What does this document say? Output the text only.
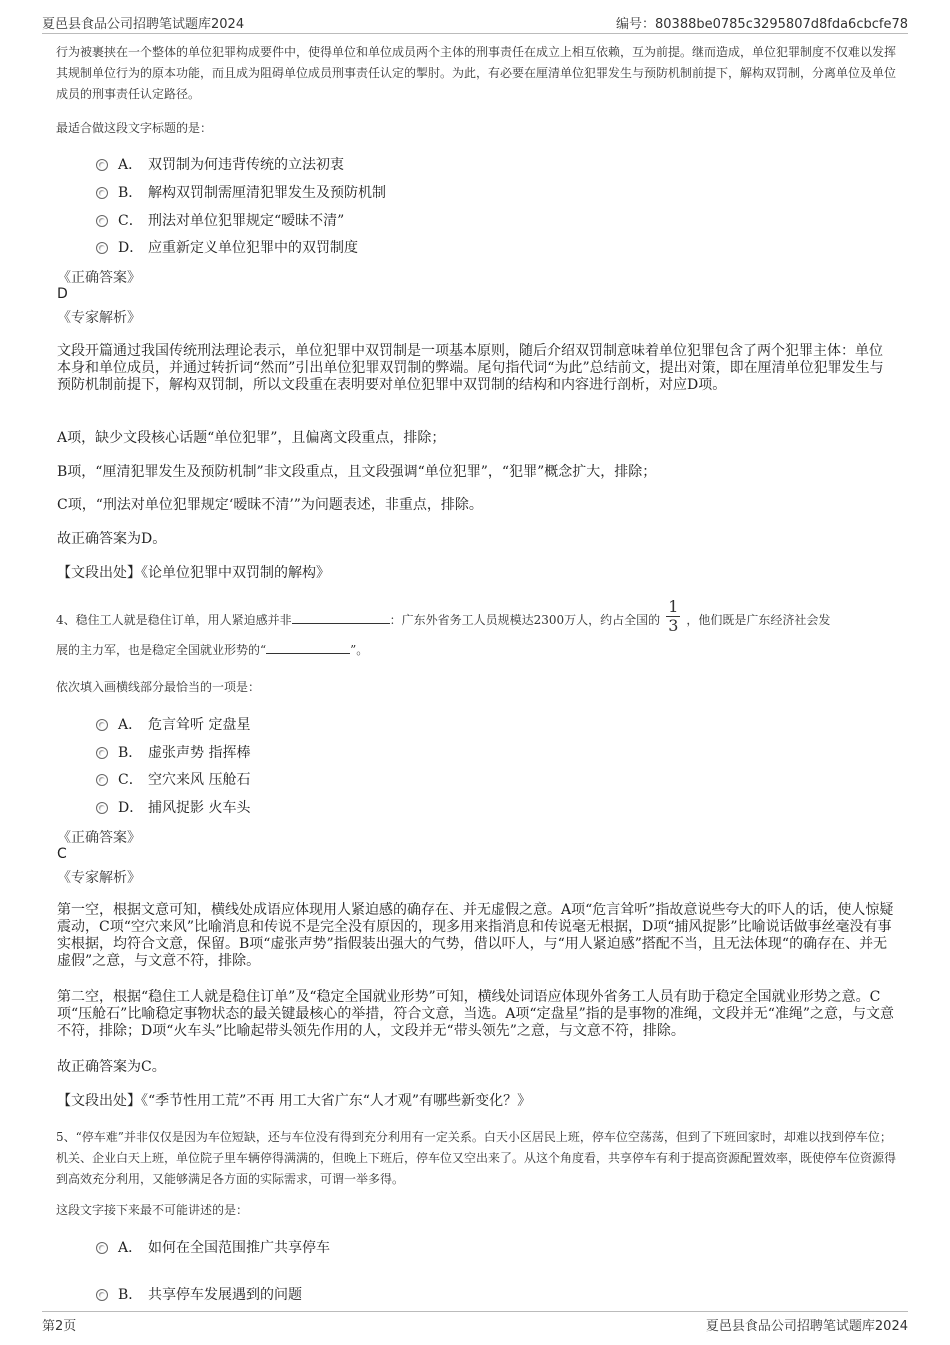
夏邑县食品公司招聘笔试题库2024	编号：80388be0785c3295807d8fda6cbcfe78

行为被裹挟在一个整体的单位犯罪构成要件中，使得单位和单位成员两个主体的刑事责任在成立上相互依赖，互为前提。继而造成，单位犯罪制度不仅难以发挥其规制单位行为的原本功能，而且成为阻碍单位成员刑事责任认定的掣肘。为此，有必要在厘清单位犯罪发生与预防机制前提下，解构双罚制，分离单位及单位成员的刑事责任认定路径。

最适合做这段文字标题的是：

A． 双罚制为何违背传统的立法初衷
B． 解构双罚制需厘清犯罪发生及预防机制
C． 刑法对单位犯罪规定“暧昧不清”
D． 应重新定义单位犯罪中的双罚制度

《正确答案》

D

《专家解析》

文段开篇通过我国传统刑法理论表示，单位犯罪中双罚制是一项基本原则，随后介绍双罚制意味着单位犯罪包含了两个犯罪主体：单位本身和单位成员，并通过转折词“然而”引出单位犯罪双罚制的弊端。尾句指代词“为此”总结前文，提出对策，即在厘清单位犯罪发生与预防机制前提下，解构双罚制，所以文段重在表明要对单位犯罪中双罚制的结构和内容进行剖析，对应D项。

A项，缺少文段核心话题“单位犯罪”，且偏离文段重点，排除；

B项，“厘清犯罪发生及预防机制”非文段重点，且文段强调“单位犯罪”，“犯罪”概念扩大，排除；

C项，“刑法对单位犯罪规定‘暧昧不清’”为问题表述，非重点，排除。

故正确答案为D。

【文段出处】《论单位犯罪中双罚制的解构》

4、稳住工人就是稳住订单，用人紧迫感并非	：广东外省务工人员规模达2300万人，约占全国的 $\frac{1}{3}$ ，他们既是广东经济社会发
展的主力军，也是稳定全国就业形势的“	”。

依次填入画横线部分最恰当的一项是：

A． 危言耸听 定盘星
B． 虚张声势 指挥棒
C． 空穴来风 压舱石
D． 捕风捉影 火车头

《正确答案》

C

《专家解析》

第一空，根据文意可知，横线处成语应体现用人紧迫感的确存在、并无虚假之意。A项“危言耸听”指故意说些夸大的吓人的话，使人惊疑震动，C项“空穴来风”比喻消息和传说不是完全没有原因的，现多用来指消息和传说毫无根据，D项“捕风捉影”比喻说话做事丝毫没有事实根据，均符合文意，保留。B项“虚张声势”指假装出强大的气势，借以吓人，与“用人紧迫感”搭配不当，且无法体现“的确存在、并无虚假”之意，与文意不符，排除。

第二空，根据“稳住工人就是稳住订单”及“稳定全国就业形势”可知，横线处词语应体现外省务工人员有助于稳定全国就业形势之意。C项“压舱石”比喻稳定事物状态的最关键最核心的举措，符合文意，当选。A项“定盘星”指的是事物的准绳，文段并无“准绳”之意，与文意不符，排除；D项“火车头”比喻起带头领先作用的人，文段并无“带头领先”之意，与文意不符，排除。

故正确答案为C。

【文段出处】《“季节性用工荒”不再 用工大省广东“人才观”有哪些新变化？》

5、“停车难”并非仅仅是因为车位短缺，还与车位没有得到充分利用有一定关系。白天小区居民上班，停车位空荡荡，但到了下班回家时，却难以找到停车位；机关、企业白天上班，单位院子里车辆停得满满的，但晚上下班后，停车位又空出来了。从这个角度看，共享停车有利于提高资源配置效率，既使停车位资源得到高效充分利用，又能够满足各方面的实际需求，可谓一举多得。

这段文字接下来最不可能讲述的是：

A． 如何在全国范围推广共享停车
B． 共享停车发展遇到的问题
第2页	夏邑县食品公司招聘笔试题库2024
